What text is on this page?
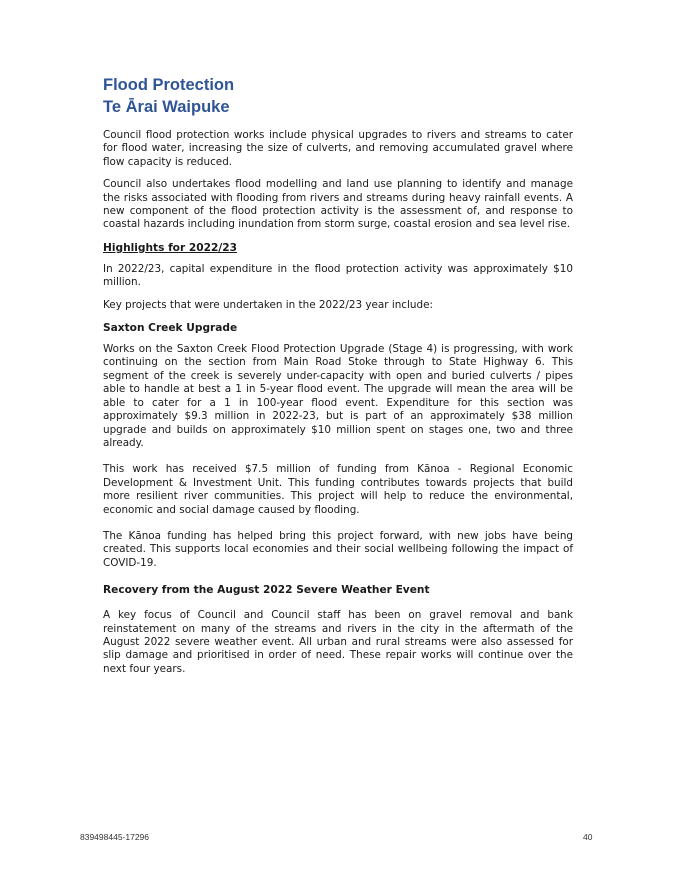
Flood Protection
Te Ārai Waipuke

Council flood protection works include physical upgrades to rivers and streams to cater for flood water, increasing the size of culverts, and removing accumulated gravel where flow capacity is reduced.

Council also undertakes flood modelling and land use planning to identify and manage the risks associated with flooding from rivers and streams during heavy rainfall events. A new component of the flood protection activity is the assessment of, and response to coastal hazards including inundation from storm surge, coastal erosion and sea level rise.

Highlights for 2022/23

In 2022/23, capital expenditure in the flood protection activity was approximately $10 million.

Key projects that were undertaken in the 2022/23 year include:

Saxton Creek Upgrade

Works on the Saxton Creek Flood Protection Upgrade (Stage 4) is progressing, with work continuing on the section from Main Road Stoke through to State Highway 6. This segment of the creek is severely under-capacity with open and buried culverts / pipes able to handle at best a 1 in 5-year flood event. The upgrade will mean the area will be able to cater for a 1 in 100-year flood event. Expenditure for this section was approximately $9.3 million in 2022-23, but is part of an approximately $38 million upgrade and builds on approximately $10 million spent on stages one, two and three already.

This work has received $7.5 million of funding from Kānoa - Regional Economic Development & Investment Unit. This funding contributes towards projects that build more resilient river communities. This project will help to reduce the environmental, economic and social damage caused by flooding.

The Kānoa funding has helped bring this project forward, with new jobs have being created. This supports local economies and their social wellbeing following the impact of COVID-19.

Recovery from the August 2022 Severe Weather Event

A key focus of Council and Council staff has been on gravel removal and bank reinstatement on many of the streams and rivers in the city in the aftermath of the August 2022 severe weather event. All urban and rural streams were also assessed for slip damage and prioritised in order of need. These repair works will continue over the next four years.

839498445-17296	40
